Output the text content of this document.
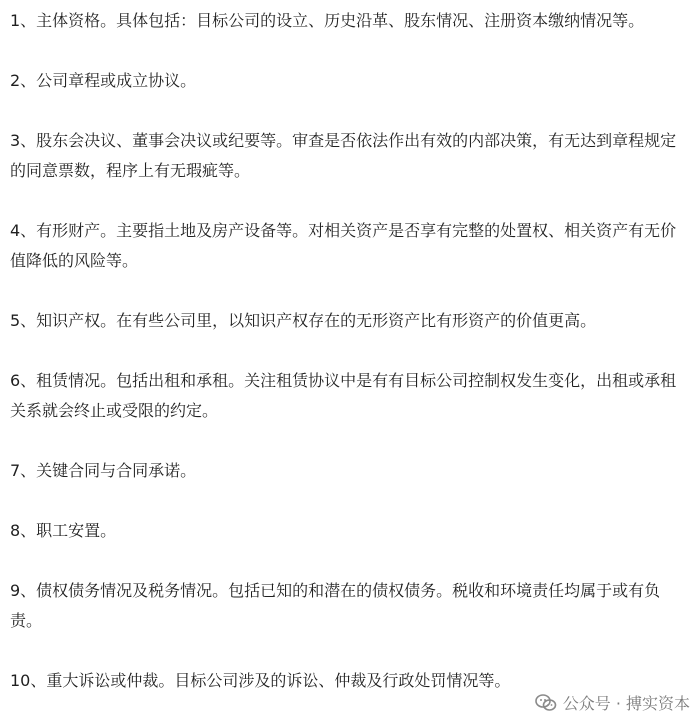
1、主体资格。具体包括：目标公司的设立、历史沿革、股东情况、注册资本缴纳情况等。

2、公司章程或成立协议。

3、股东会决议、董事会决议或纪要等。审查是否依法作出有效的内部决策，有无达到章程规定的同意票数，程序上有无瑕疵等。

4、有形财产。主要指土地及房产设备等。对相关资产是否享有完整的处置权、相关资产有无价值降低的风险等。

5、知识产权。在有些公司里，以知识产权存在的无形资产比有形资产的价值更高。

6、租赁情况。包括出租和承租。关注租赁协议中是有有目标公司控制权发生变化，出租或承租关系就会终止或受限的约定。

7、关键合同与合同承诺。

8、职工安置。

9、债权债务情况及税务情况。包括已知的和潜在的债权债务。税收和环境责任均属于或有负责。

10、重大诉讼或仲裁。目标公司涉及的诉讼、仲裁及行政处罚情况等。

公众号 · 搏实资本
